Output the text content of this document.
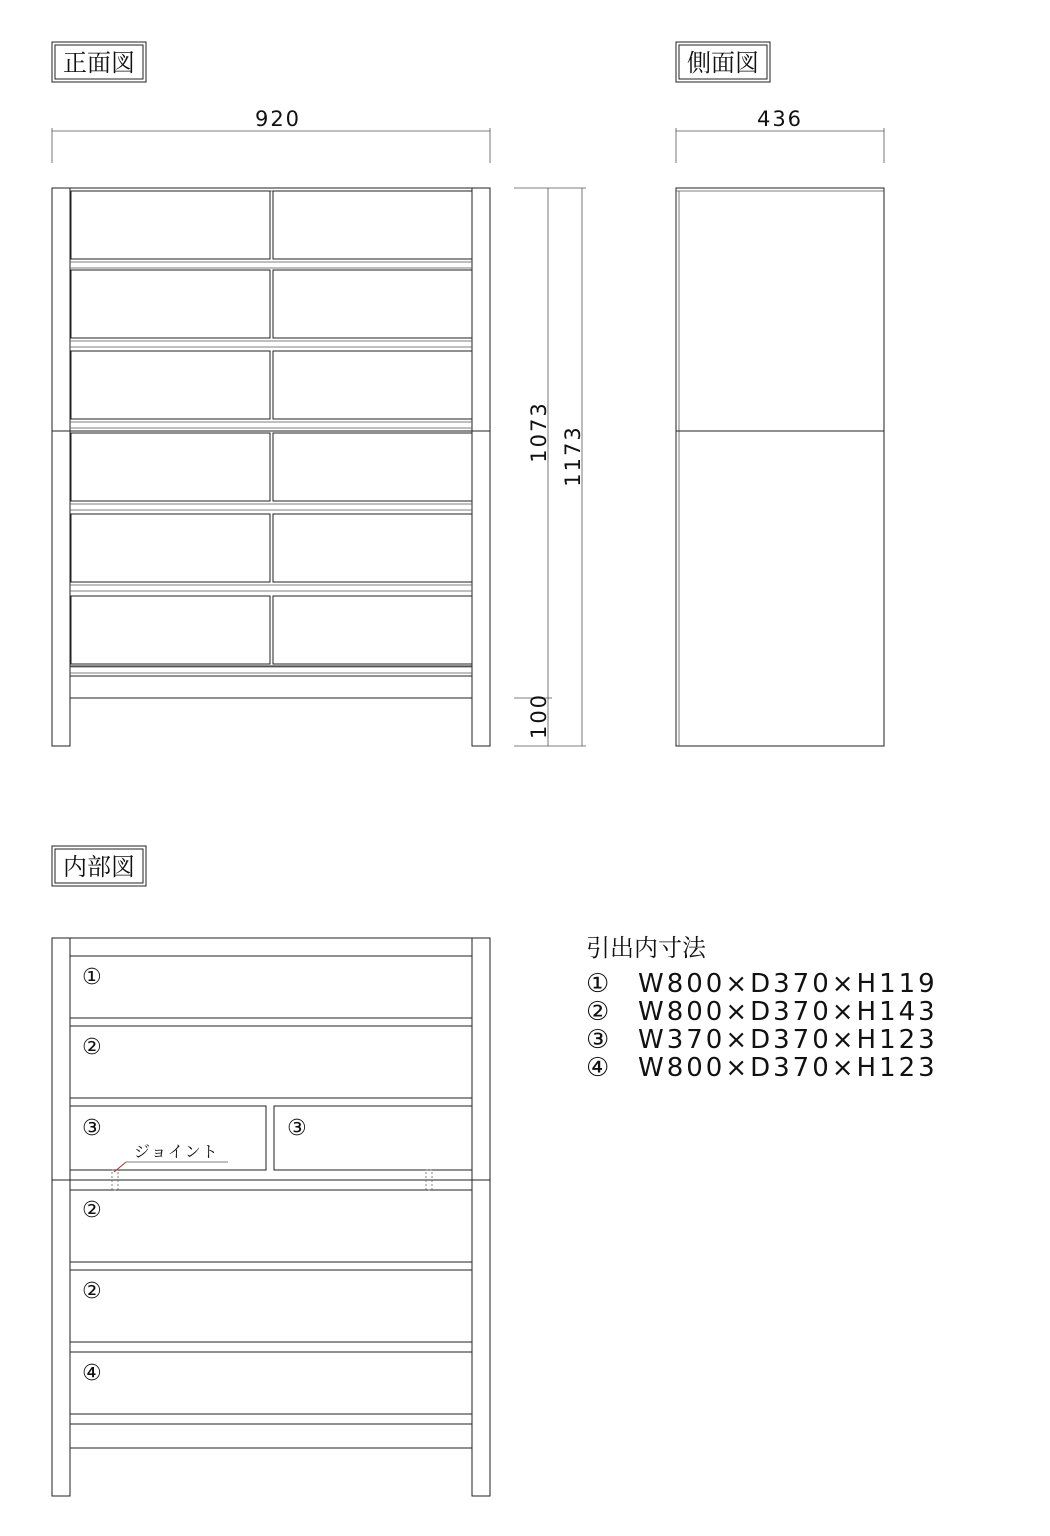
正面図
920
1073 1173
100
側面図
436
内部図
ジョイント
①
②
③	③
②
②
④
引出内寸法
① W800×D370×H119
② W800×D370×H143
③ W370×D370×H123
④ W800×D370×H123
